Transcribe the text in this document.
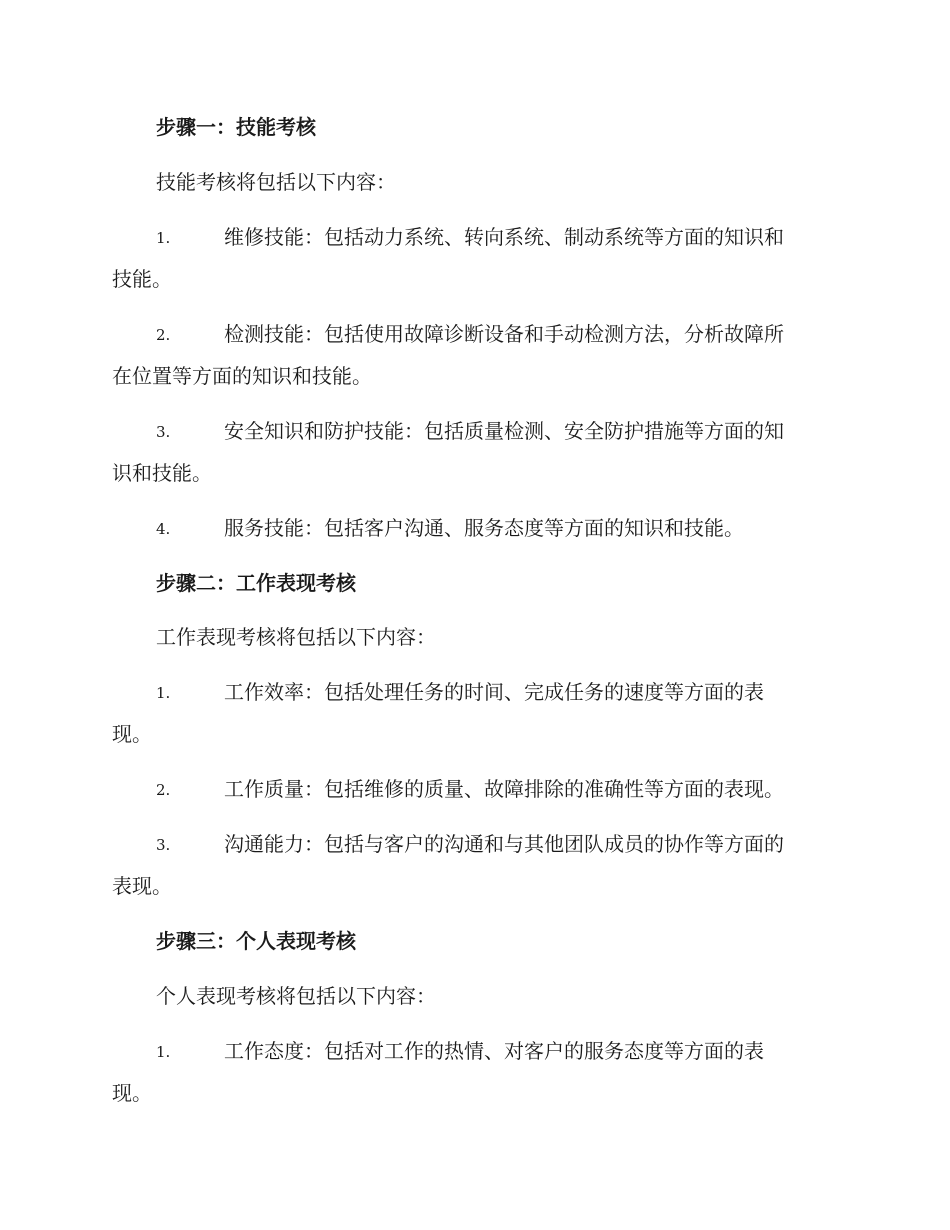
步骤一：技能考核
技能考核将包括以下内容：
1.	维修技能：包括动力系统、转向系统、制动系统等方面的知识和
技能。
2.	检测技能：包括使用故障诊断设备和手动检测方法，分析故障所
在位置等方面的知识和技能。
3.	安全知识和防护技能：包括质量检测、安全防护措施等方面的知
识和技能。
4.	服务技能：包括客户沟通、服务态度等方面的知识和技能。
步骤二：工作表现考核
工作表现考核将包括以下内容：
1.	工作效率：包括处理任务的时间、完成任务的速度等方面的表
现。
2.	工作质量：包括维修的质量、故障排除的准确性等方面的表现。
3.	沟通能力：包括与客户的沟通和与其他团队成员的协作等方面的
表现。
步骤三：个人表现考核
个人表现考核将包括以下内容：
1.	工作态度：包括对工作的热情、对客户的服务态度等方面的表
现。
